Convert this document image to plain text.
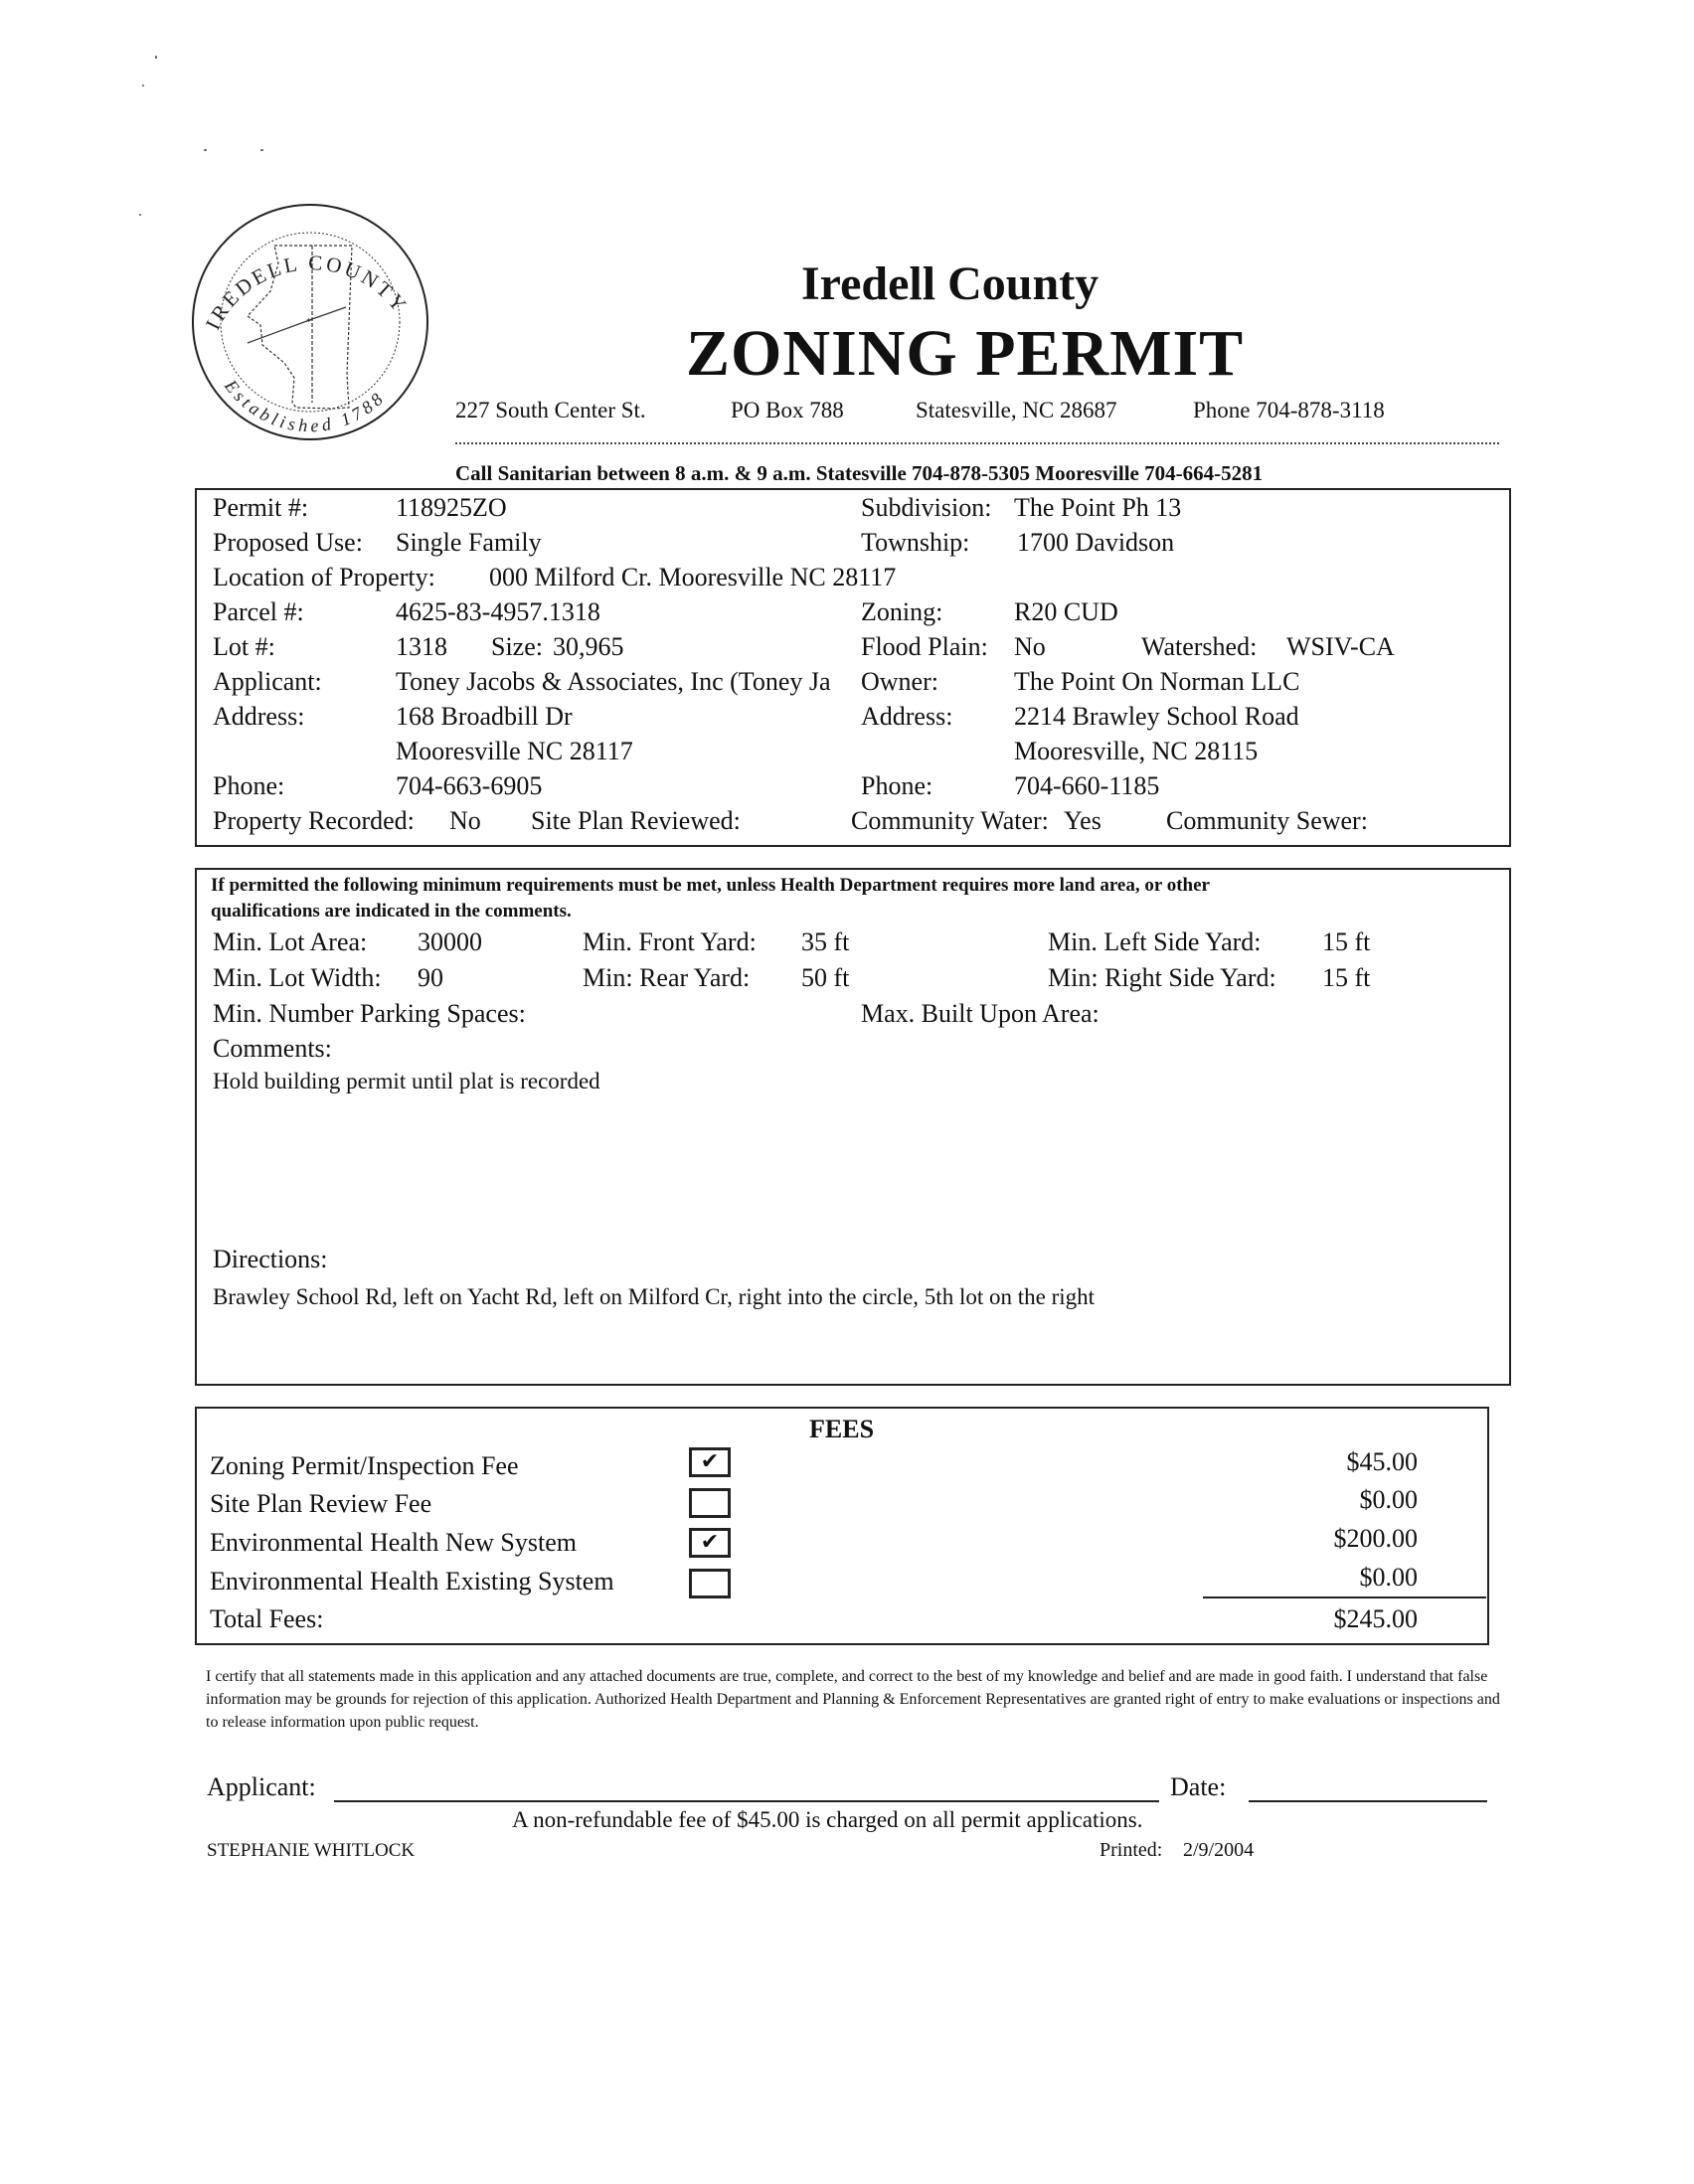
*
IREDELL COUNTY
Established 1788
Iredell County
ZONING PERMIT
227 South Center St.	PO Box 788	Statesville, NC 28687	Phone 704-878-3118
Call Sanitarian between 8 a.m. & 9 a.m. Statesville 704-878-5305 Mooresville 704-664-5281
Permit #:	118925ZO	Subdivision: The Point Ph 13
Proposed Use: Single Family	Township: 1700 Davidson
Location of Property: 000 Milford Cr. Mooresville NC 28117
Parcel #:	4625-83-4957.1318	Zoning:	R20 CUD
Lot #:	1318 Size: 30,965	Flood Plain: No	Watershed: WSIV-CA
Applicant:	Toney Jacobs & Associates, Inc (Toney Ja	Owner:	The Point On Norman LLC
Address:	168 Broadbill Dr	Address: 2214 Brawley School Road
Mooresville NC 28117	Mooresville, NC 28115
Phone:	704-663-6905	Phone:	704-660-1185
Property Recorded: No Site Plan Reviewed:	Community Water: Yes	Community Sewer:
If permitted the following minimum requirements must be met, unless Health Department requires more land area, or other
qualifications are indicated in the comments.
Min. Lot Area: 30000	Min. Front Yard: 35 ft	Min. Left Side Yard: 15 ft
Min. Lot Width: 90	Min: Rear Yard: 50 ft	Min: Right Side Yard: 15 ft
Min. Number Parking Spaces:	Max. Built Upon Area:
Comments:
Hold building permit until plat is recorded
Directions:
Brawley School Rd, left on Yacht Rd, left on Milford Cr, right into the circle, 5th lot on the right
FEES
Zoning Permit/Inspection Fee	✔	$45.00
Site Plan Review Fee	$0.00
Environmental Health New System	✔	$200.00
Environmental Health Existing System	$0.00
Total Fees:	$245.00
I certify that all statements made in this application and any attached documents are true, complete, and correct to the best of my knowledge and belief and are made in good faith. I understand that false information may be grounds for rejection of this application. Authorized Health Department and Planning & Enforcement Representatives are granted right of entry to make evaluations or inspections and to release information upon public request.
Applicant:	Date:
A non-refundable fee of $45.00 is charged on all permit applications.
STEPHANIE WHITLOCK	Printed: 2/9/2004
